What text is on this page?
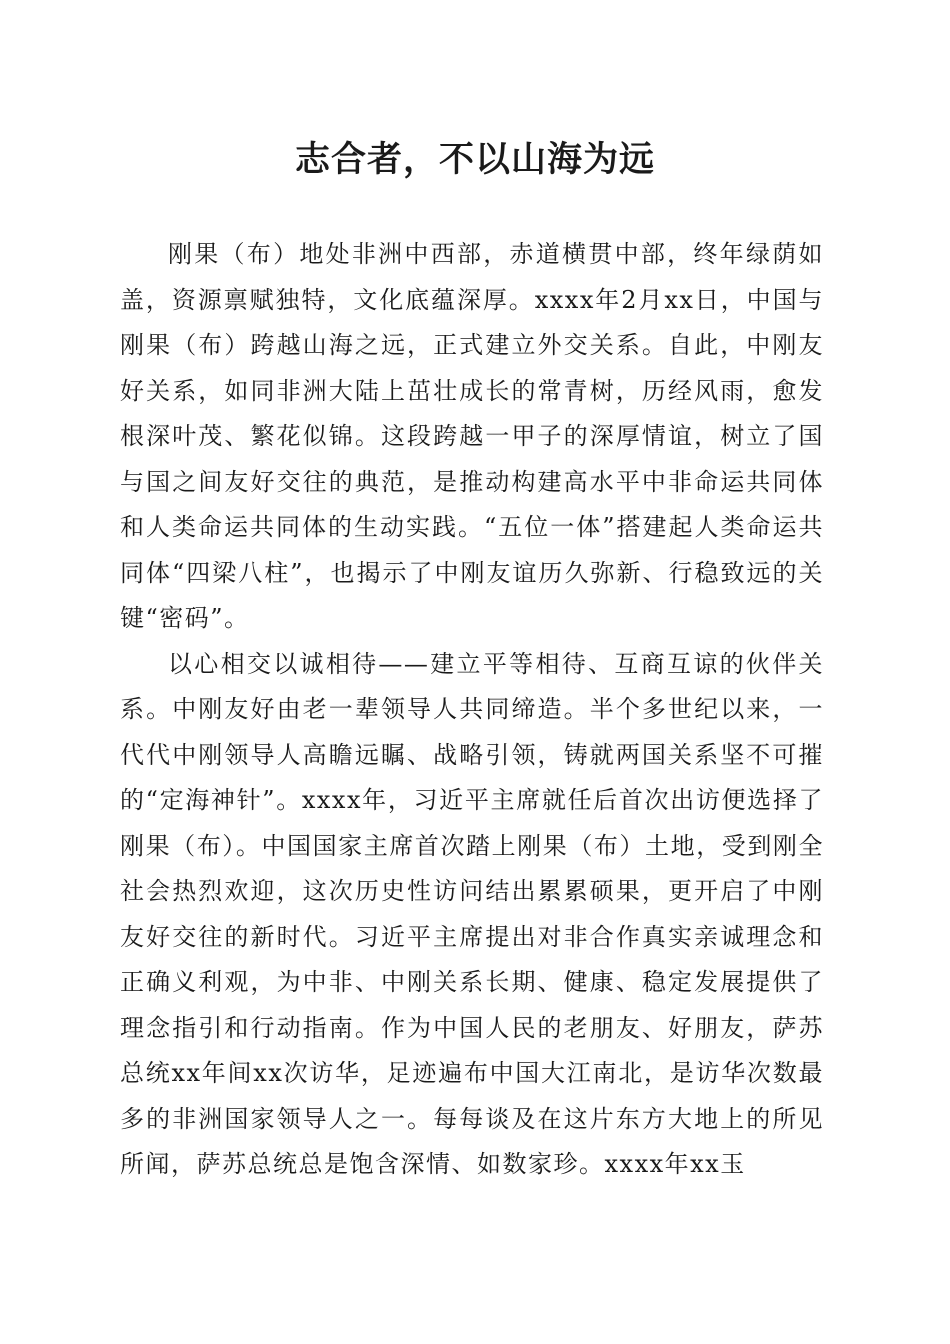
志合者，不以山海为远

刚果（布）地处非洲中西部，赤道横贯中部，终年绿荫如盖，资源禀赋独特，文化底蕴深厚。xxxx年2月xx日，中国与刚果（布）跨越山海之远，正式建立外交关系。自此，中刚友好关系，如同非洲大陆上茁壮成长的常青树，历经风雨，愈发根深叶茂、繁花似锦。这段跨越一甲子的深厚情谊，树立了国与国之间友好交往的典范，是推动构建高水平中非命运共同体和人类命运共同体的生动实践。“五位一体”搭建起人类命运共同体“四梁八柱”，也揭示了中刚友谊历久弥新、行稳致远的关键“密码”。

以心相交以诚相待——建立平等相待、互商互谅的伙伴关系。中刚友好由老一辈领导人共同缔造。半个多世纪以来，一代代中刚领导人高瞻远瞩、战略引领，铸就两国关系坚不可摧的“定海神针”。xxxx年，习近平主席就任后首次出访便选择了刚果（布）。中国国家主席首次踏上刚果（布）土地，受到刚全社会热烈欢迎，这次历史性访问结出累累硕果，更开启了中刚友好交往的新时代。习近平主席提出对非合作真实亲诚理念和正确义利观，为中非、中刚关系长期、健康、稳定发展提供了理念指引和行动指南。作为中国人民的老朋友、好朋友，萨苏总统xx年间xx次访华，足迹遍布中国大江南北，是访华次数最多的非洲国家领导人之一。每每谈及在这片东方大地上的所见所闻，萨苏总统总是饱含深情、如数家珍。xxxx年xx玉
